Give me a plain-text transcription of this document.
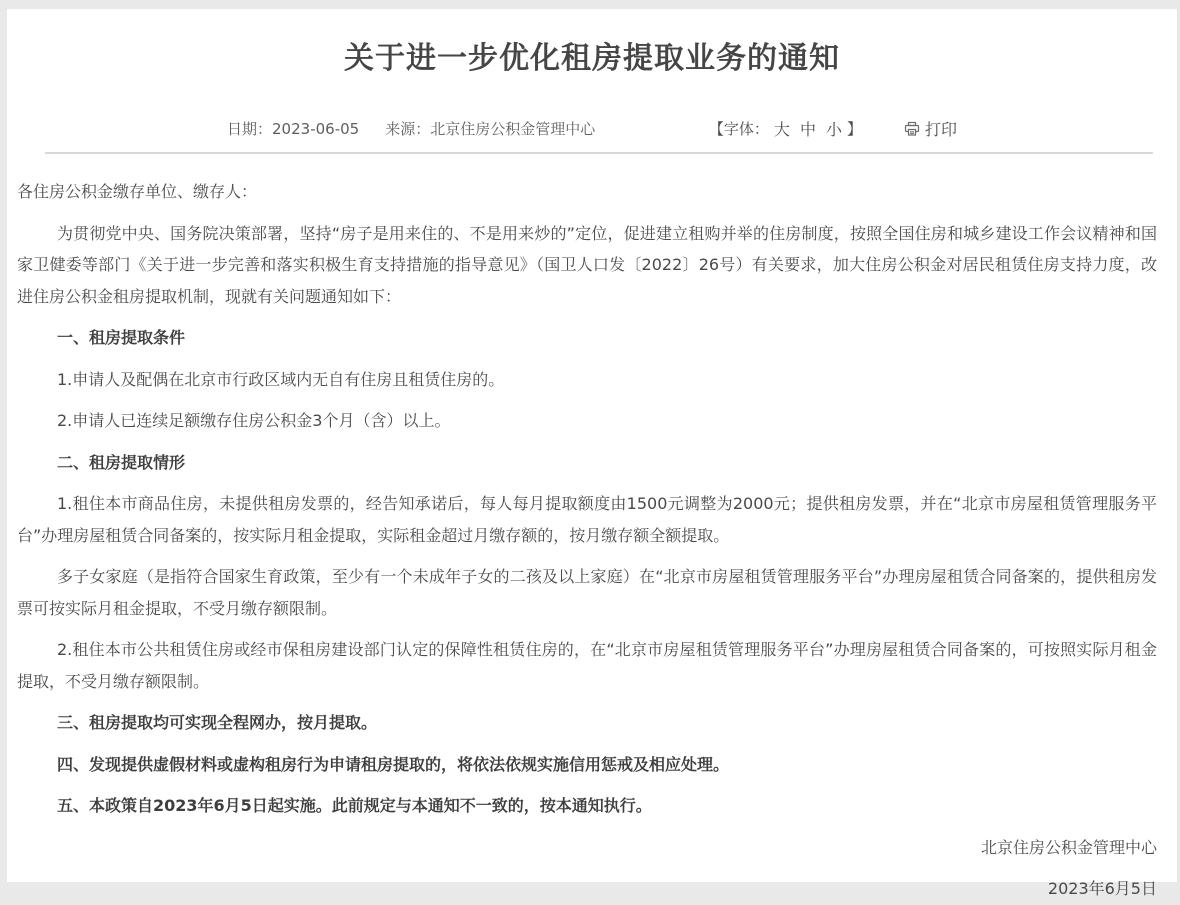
关于进一步优化租房提取业务的通知
日期： 2023-06-05 来源： 北京住房公积金管理中心	【字体： 大 中 小 】	打印

各住房公积金缴存单位、缴存人：

为贯彻党中央、国务院决策部署，坚持“房子是用来住的、不是用来炒的”定位，促进建立租购并举的住房制度，按照全国住房和城乡建设工作会议精神和国家卫健委等部门《关于进一步完善和落实积极生育支持措施的指导意见》（国卫人口发〔2022〕26号）有关要求，加大住房公积金对居民租赁住房支持力度，改进住房公积金租房提取机制，现就有关问题通知如下：

一、租房提取条件

1.申请人及配偶在北京市行政区域内无自有住房且租赁住房的。

2.申请人已连续足额缴存住房公积金3个月（含）以上。

二、租房提取情形

1.租住本市商品住房，未提供租房发票的，经告知承诺后，每人每月提取额度由1500元调整为2000元；提供租房发票，并在“北京市房屋租赁管理服务平台”办理房屋租赁合同备案的，按实际月租金提取，实际租金超过月缴存额的，按月缴存额全额提取。

多子女家庭（是指符合国家生育政策，至少有一个未成年子女的二孩及以上家庭）在“北京市房屋租赁管理服务平台”办理房屋租赁合同备案的，提供租房发票可按实际月租金提取，不受月缴存额限制。

2.租住本市公共租赁住房或经市保租房建设部门认定的保障性租赁住房的，在“北京市房屋租赁管理服务平台”办理房屋租赁合同备案的，可按照实际月租金提取，不受月缴存额限制。

三、租房提取均可实现全程网办，按月提取。

四、发现提供虚假材料或虚构租房行为申请租房提取的，将依法依规实施信用惩戒及相应处理。

五、本政策自2023年6月5日起实施。此前规定与本通知不一致的，按本通知执行。

北京住房公积金管理中心

2023年6月5日
